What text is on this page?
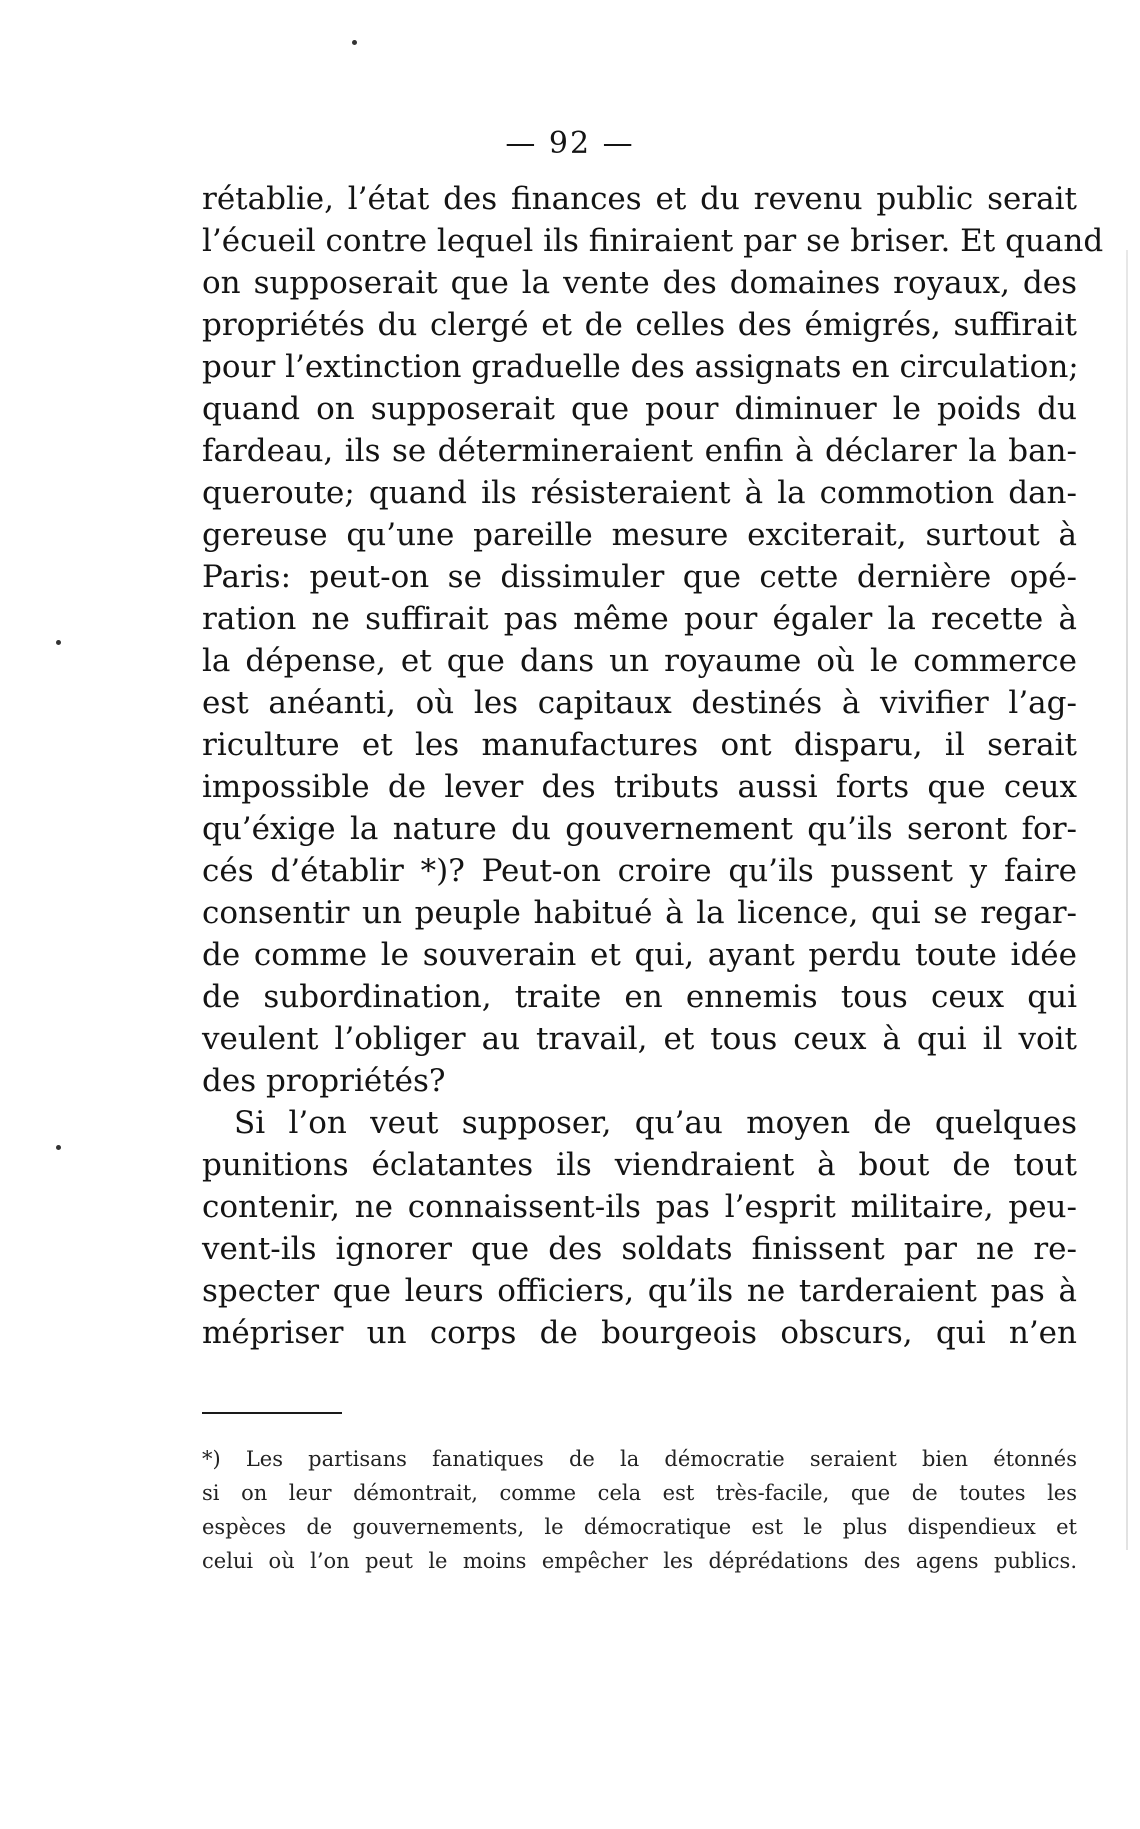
— 92 —
rétablie, l’état des finances et du revenu public serait
l’écueil contre lequel ils finiraient par se briser. Et quand
on supposerait que la vente des domaines royaux, des
propriétés du clergé et de celles des émigrés, suffirait
pour l’extinction graduelle des assignats en circulation;
quand on supposerait que pour diminuer le poids du
fardeau, ils se détermineraient enfin à déclarer la ban-
queroute; quand ils résisteraient à la commotion dan-
gereuse qu’une pareille mesure exciterait, surtout à
Paris: peut-on se dissimuler que cette dernière opé-
ration ne suffirait pas même pour égaler la recette à
la dépense, et que dans un royaume où le commerce
est anéanti, où les capitaux destinés à vivifier l’ag-
riculture et les manufactures ont disparu, il serait
impossible de lever des tributs aussi forts que ceux
qu’éxige la nature du gouvernement qu’ils seront for-
cés d’établir *)? Peut-on croire qu’ils pussent y faire
consentir un peuple habitué à la licence, qui se regar-
de comme le souverain et qui, ayant perdu toute idée
de subordination, traite en ennemis tous ceux qui
veulent l’obliger au travail, et tous ceux à qui il voit
des propriétés?
Si l’on veut supposer, qu’au moyen de quelques
punitions éclatantes ils viendraient à bout de tout
contenir, ne connaissent-ils pas l’esprit militaire, peu-
vent-ils ignorer que des soldats finissent par ne re-
specter que leurs officiers, qu’ils ne tarderaient pas à
mépriser un corps de bourgeois obscurs, qui n’en
*) Les partisans fanatiques de la démocratie seraient bien étonnés
si on leur démontrait, comme cela est très-facile, que de toutes les
espèces de gouvernements, le démocratique est le plus dispendieux et
celui où l’on peut le moins empêcher les déprédations des agens publics.
